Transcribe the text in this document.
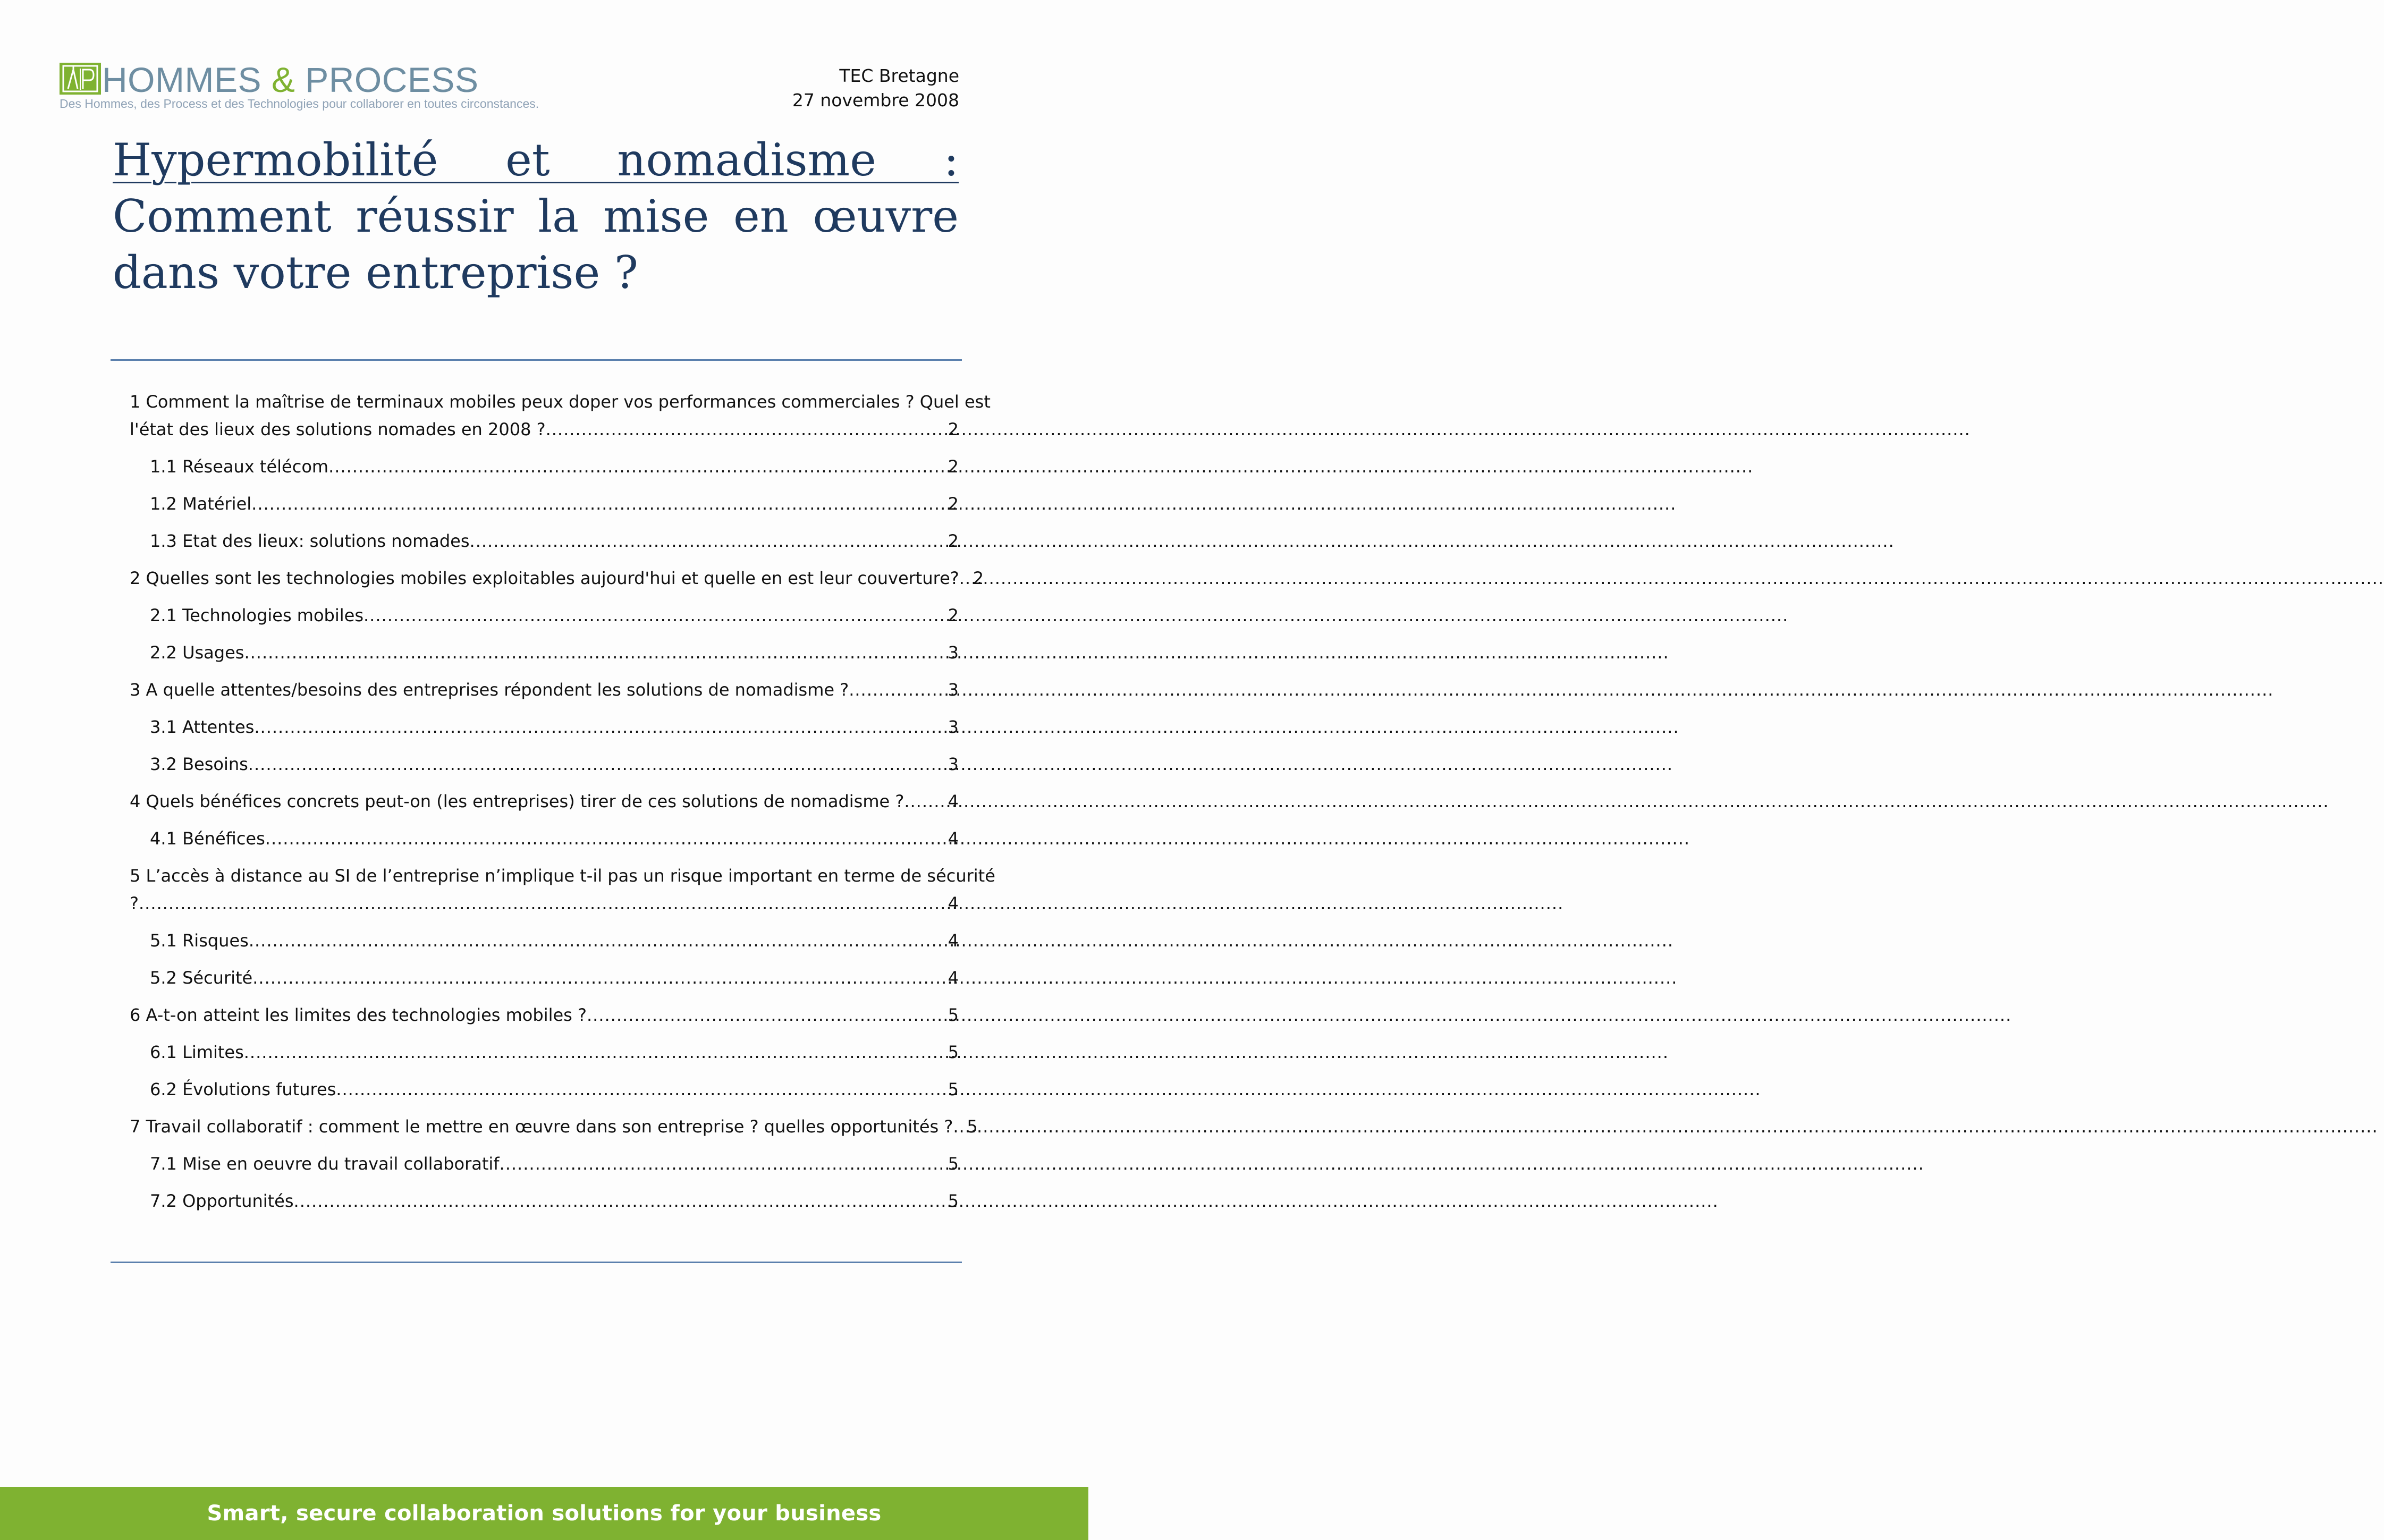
HOMMES & PROCESS
Des Hommes, des Process et des Technologies pour collaborer en toutes circonstances.
TEC Bretagne
27 novembre 2008
Hypermobilité et nomadisme : Comment réussir la mise en œuvre dans votre entreprise ?
1 Comment la maîtrise de terminaux mobiles peux doper vos performances commerciales ? Quel est
l'état des lieux des solutions nomades en 2008 ? .....	2
1.1 Réseaux télécom .....	2
1.2 Matériel .....	2
1.3 Etat des lieux: solutions nomades .....	2
2 Quelles sont les technologies mobiles exploitables aujourd'hui et quelle en est leur couverture? ..... 2
2.1 Technologies mobiles .....	2
2.2 Usages .....	3
3 A quelle attentes/besoins des entreprises répondent les solutions de nomadisme ? .....	3
3.1 Attentes .....	3
3.2 Besoins .....	3
4 Quels bénéfices concrets peut-on (les entreprises) tirer de ces solutions de nomadisme ? .....	4
4.1 Bénéfices .....	4
5 L’accès à distance au SI de l’entreprise n’implique t-il pas un risque important en terme de sécurité
? .....	4
5.1 Risques .....	4
5.2 Sécurité .....	4
6 A-t-on atteint les limites des technologies mobiles ? .....	5
6.1 Limites .....	5
6.2 Évolutions futures .....	5
7 Travail collaboratif : comment le mettre en œuvre dans son entreprise ? quelles opportunités ? ..... 5
7.1 Mise en oeuvre du travail collaboratif .....	5
7.2 Opportunités .....	5
Smart, secure collaboration solutions for your business
